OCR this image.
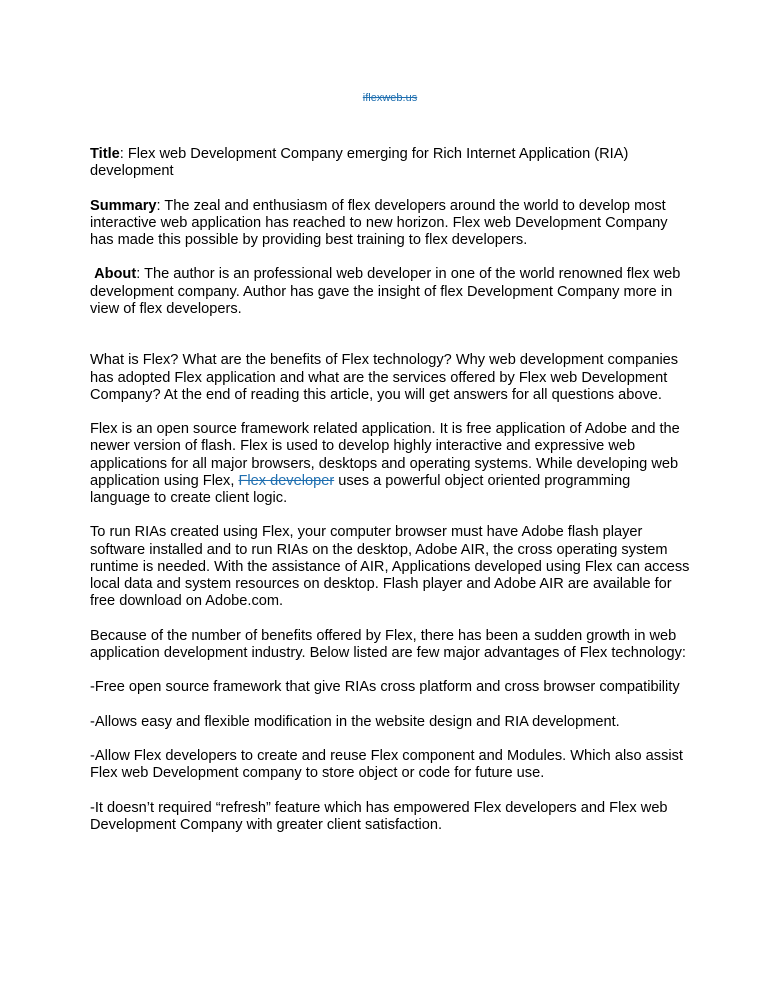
iflexweb.us

Title: Flex web Development Company emerging for Rich Internet Application (RIA) development

Summary: The zeal and enthusiasm of flex developers around the world to develop most interactive web application has reached to new horizon. Flex web Development Company has made this possible by providing best training to flex developers.

About: The author is an professional web developer in one of the world renowned flex web development company. Author has gave the insight of flex Development Company more in view of flex developers.

What is Flex? What are the benefits of Flex technology? Why web development companies has adopted Flex application and what are the services offered by Flex web Development Company? At the end of reading this article, you will get answers for all questions above.

Flex is an open source framework related application. It is free application of Adobe and the newer version of flash. Flex is used to develop highly interactive and expressive web applications for all major browsers, desktops and operating systems. While developing web application using Flex, Flex developer uses a powerful object oriented programming language to create client logic.

To run RIAs created using Flex, your computer browser must have Adobe flash player software installed and to run RIAs on the desktop, Adobe AIR, the cross operating system runtime is needed. With the assistance of AIR, Applications developed using Flex can access local data and system resources on desktop. Flash player and Adobe AIR are available for free download on Adobe.com.

Because of the number of benefits offered by Flex, there has been a sudden growth in web application development industry. Below listed are few major advantages of Flex technology:

-Free open source framework that give RIAs cross platform and cross browser compatibility

-Allows easy and flexible modification in the website design and RIA development.

-Allow Flex developers to create and reuse Flex component and Modules. Which also assist Flex web Development company to store object or code for future use.

-It doesn’t required “refresh” feature which has empowered Flex developers and Flex web Development Company with greater client satisfaction.
